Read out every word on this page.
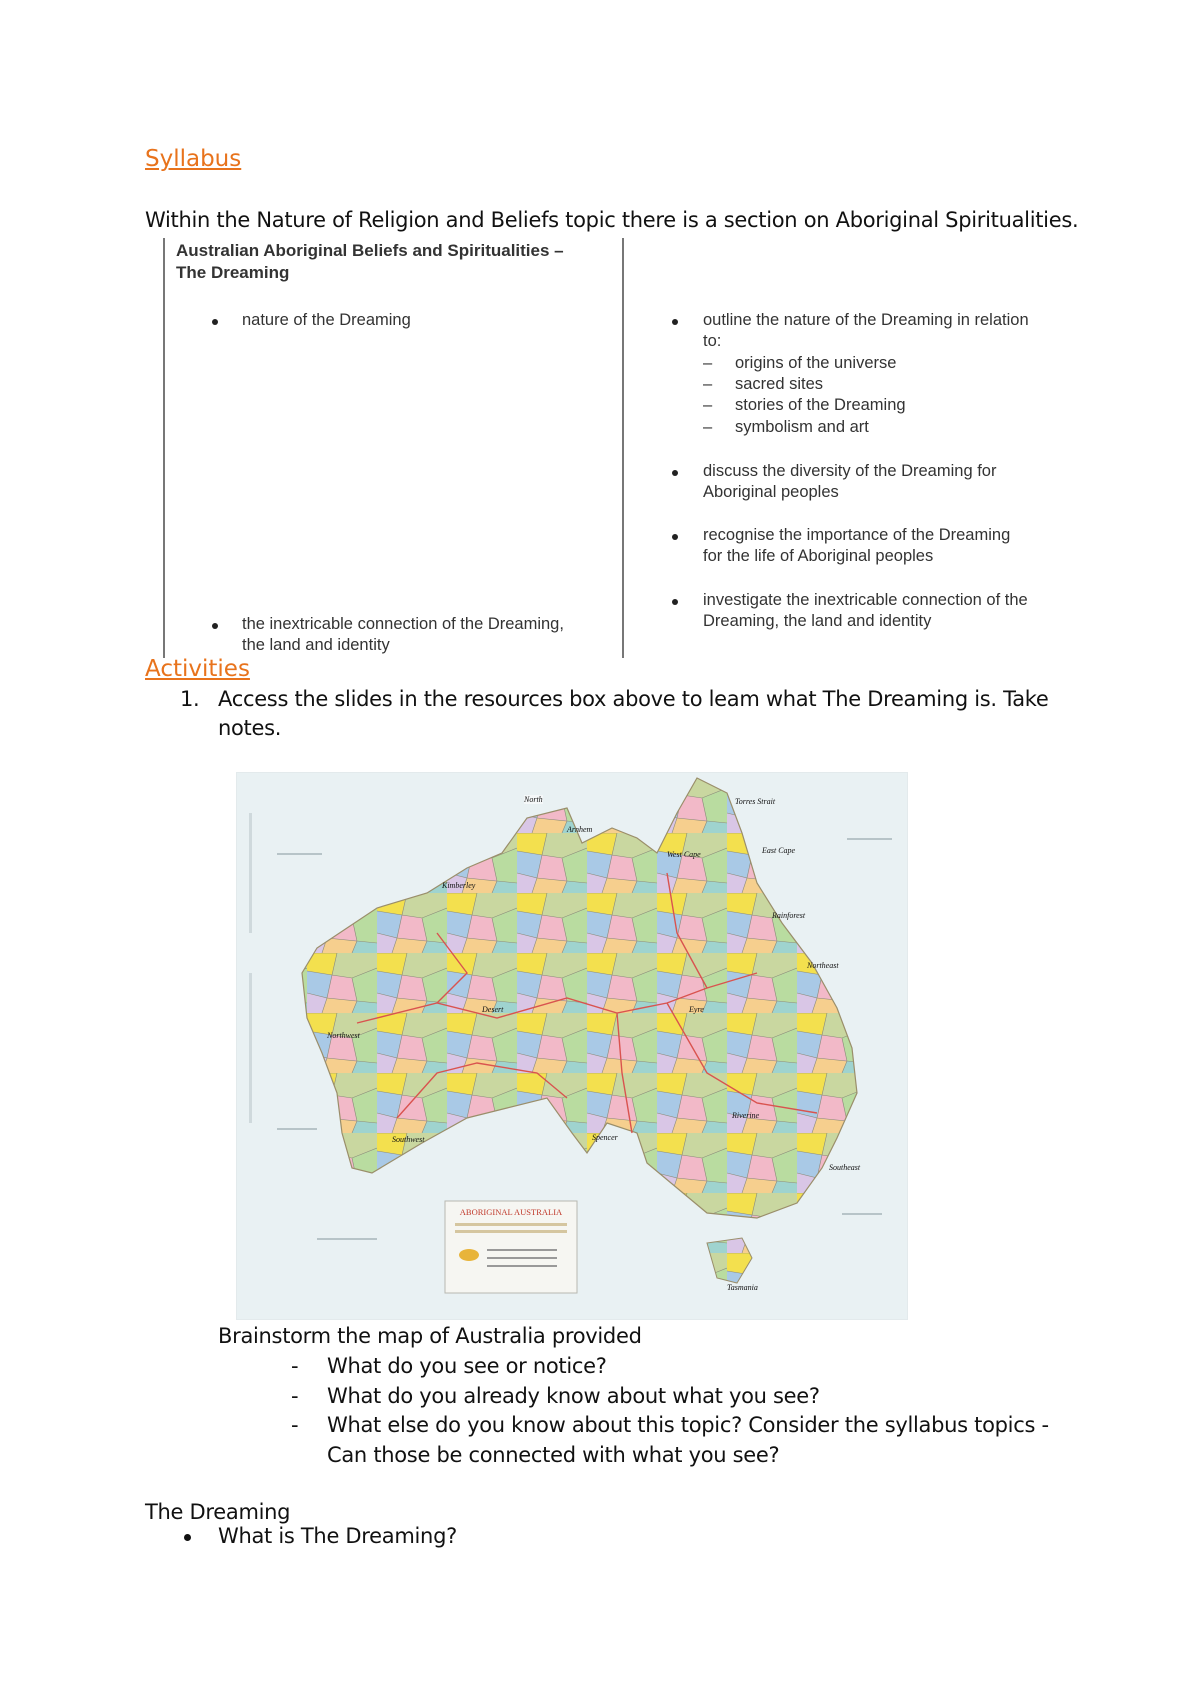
Syllabus
Within the Nature of Religion and Beliefs topic there is a section on Aboriginal Spiritualities.
Australian Aboriginal Beliefs and Spiritualities –
The Dreaming
nature of the Dreaming
the inextricable connection of the Dreaming,
the land and identity
outline the nature of the Dreaming in relation
to:
– origins of the universe
– sacred sites
– stories of the Dreaming
– symbolism and art
discuss the diversity of the Dreaming for
Aboriginal peoples
recognise the importance of the Dreaming
for the life of Aboriginal peoples
investigate the inextricable connection of the
Dreaming, the land and identity
Activities
1. Access the slides in the resources box above to leam what The Dreaming is. Take
notes.
ABORIGINAL AUSTRALIA
North
Arnhem
Torres Strait
East Cape
West Cape
Kimberley
Rainforest
Northeast
Desert	Eyre
Northwest
Riverine
Southwest	Spencer
Southeast
Tasmania
Brainstorm the map of Australia provided
- What do you see or notice?
- What do you already know about what you see?
- What else do you know about this topic? Consider the syllabus topics -
Can those be connected with what you see?
The Dreaming
What is The Dreaming?
